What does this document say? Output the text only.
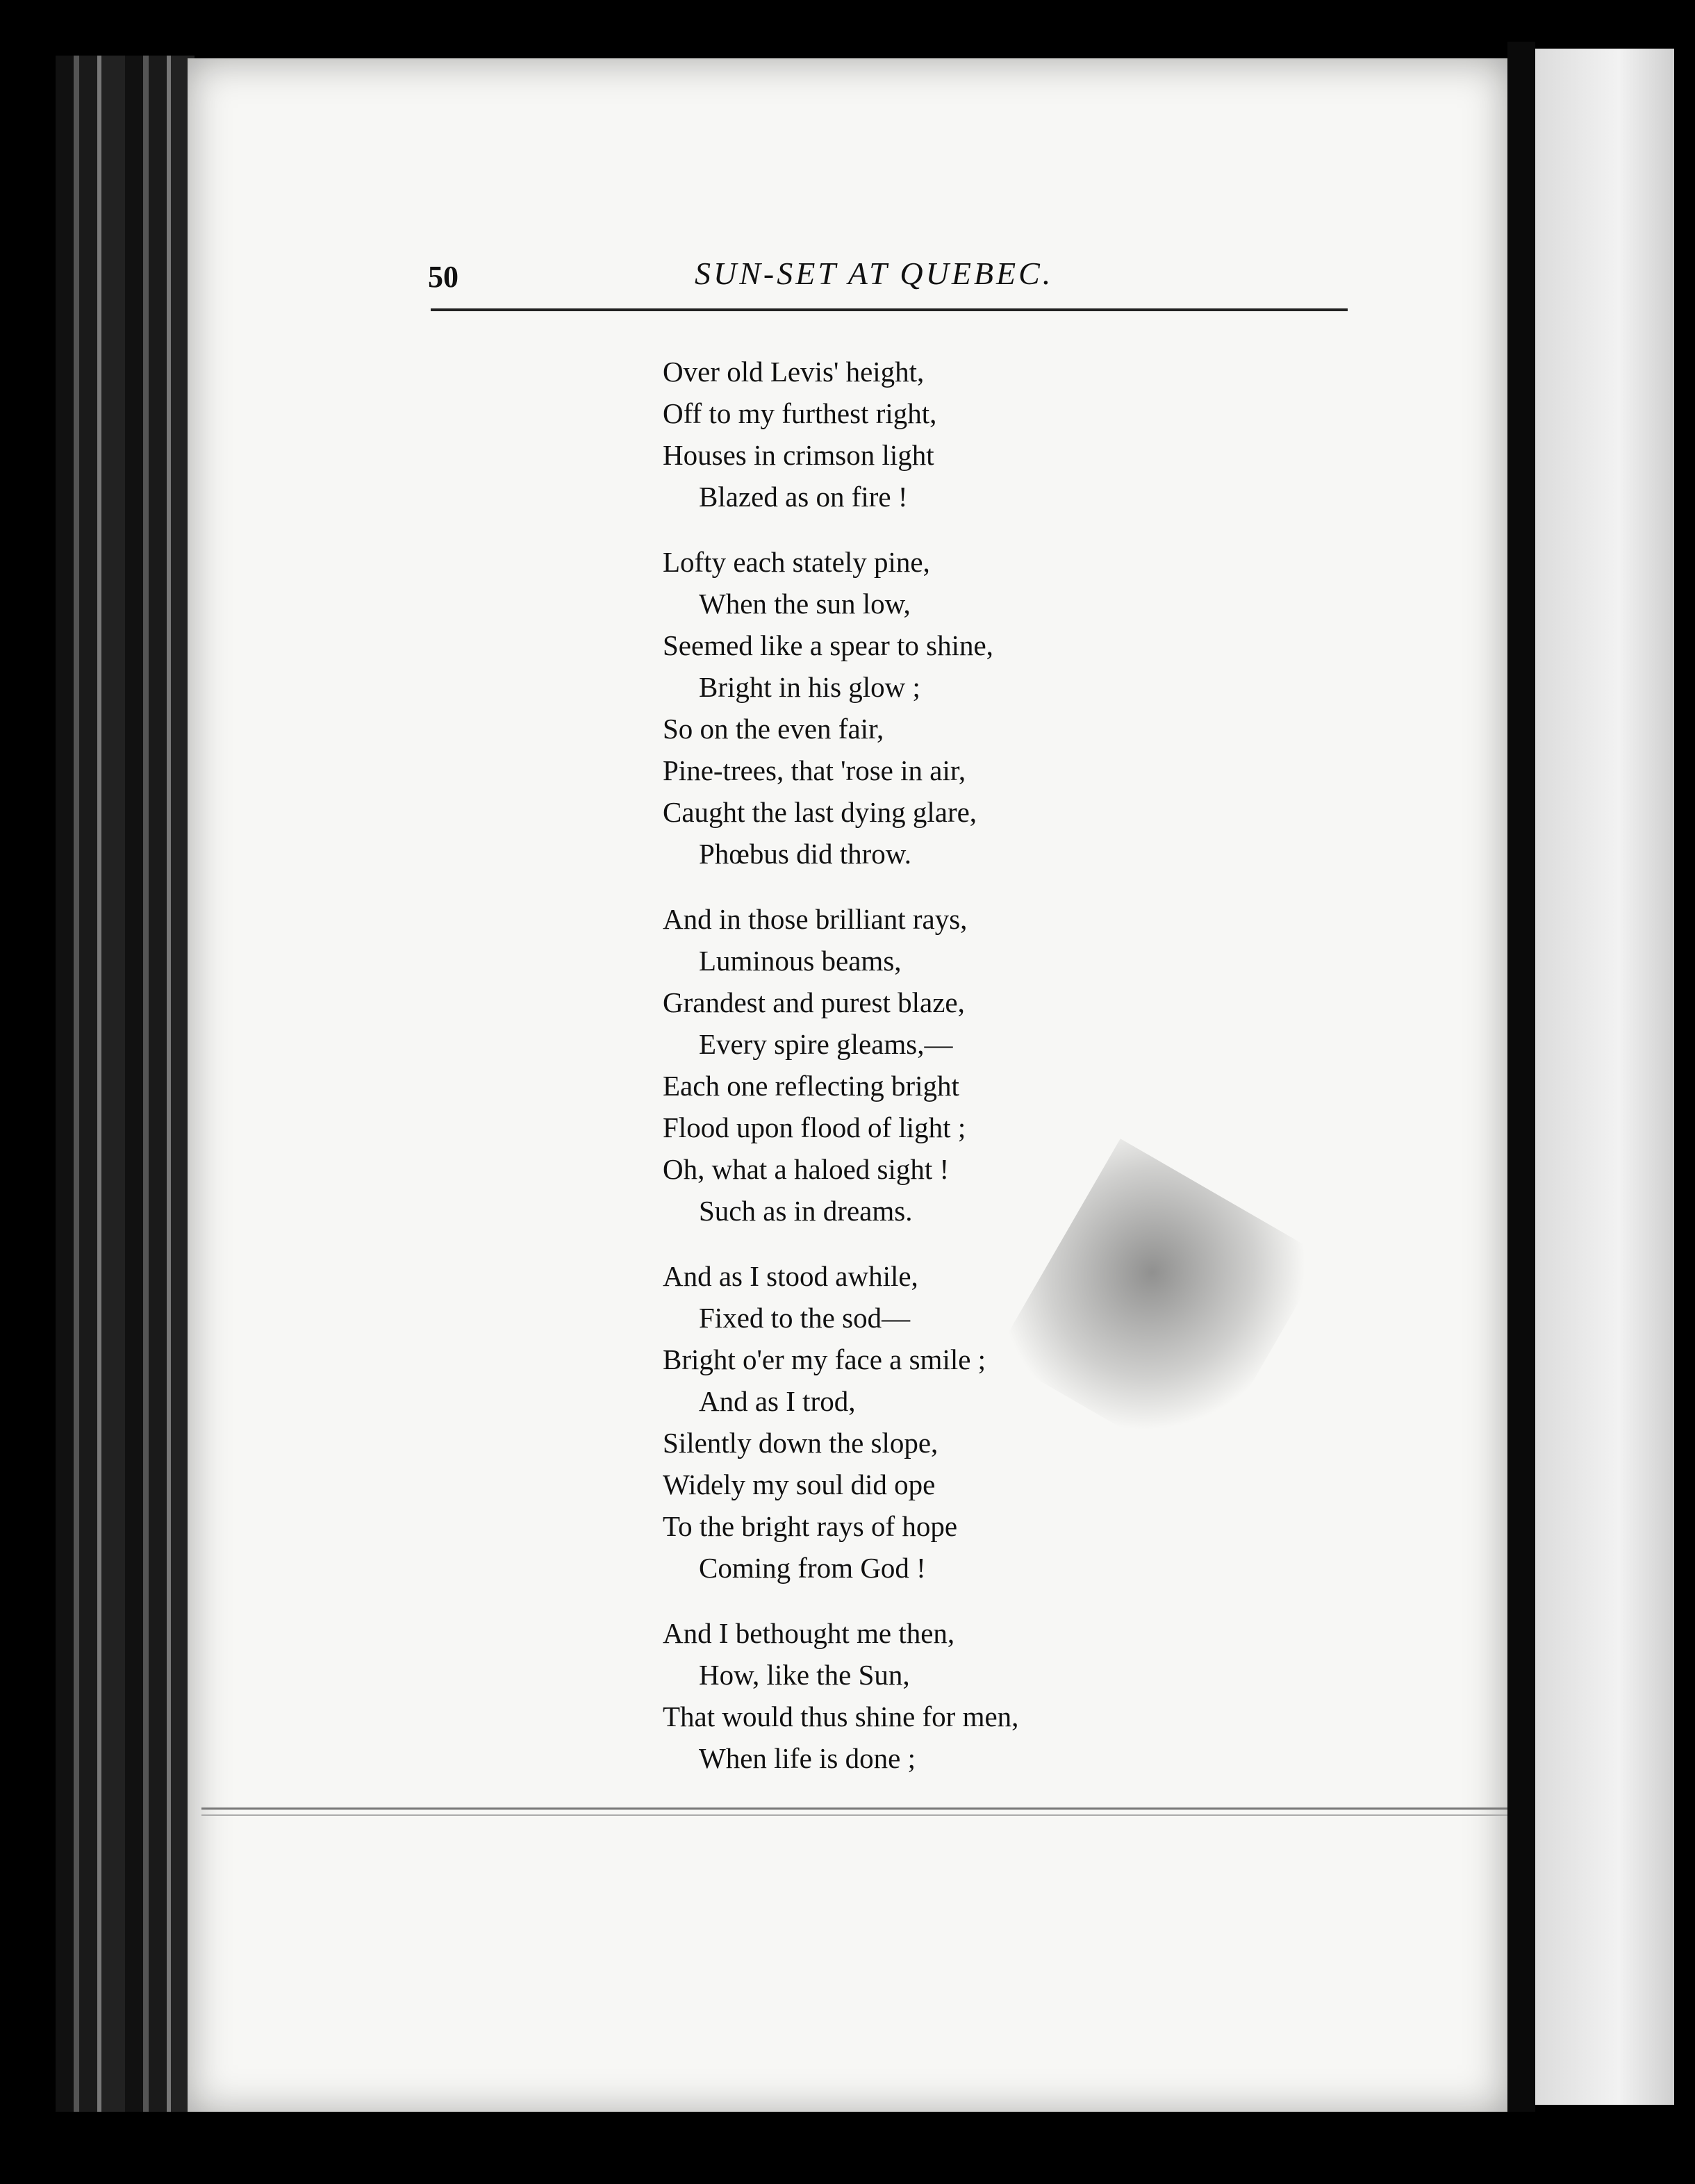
50	SUN-SET AT QUEBEC.
Over old Levis' height,
Off to my furthest right,
Houses in crimson light
Blazed as on fire !
Lofty each stately pine,
When the sun low,
Seemed like a spear to shine,
Bright in his glow ;
So on the even fair,
Pine-trees, that 'rose in air,
Caught the last dying glare,
Phœbus did throw.
And in those brilliant rays,
Luminous beams,
Grandest and purest blaze,
Every spire gleams,—
Each one reflecting bright
Flood upon flood of light ;
Oh, what a haloed sight !
Such as in dreams.
And as I stood awhile,
Fixed to the sod—
Bright o'er my face a smile ;
And as I trod,
Silently down the slope,
Widely my soul did ope
To the bright rays of hope
Coming from God !
And I bethought me then,
How, like the Sun,
That would thus shine for men,
When life is done ;
